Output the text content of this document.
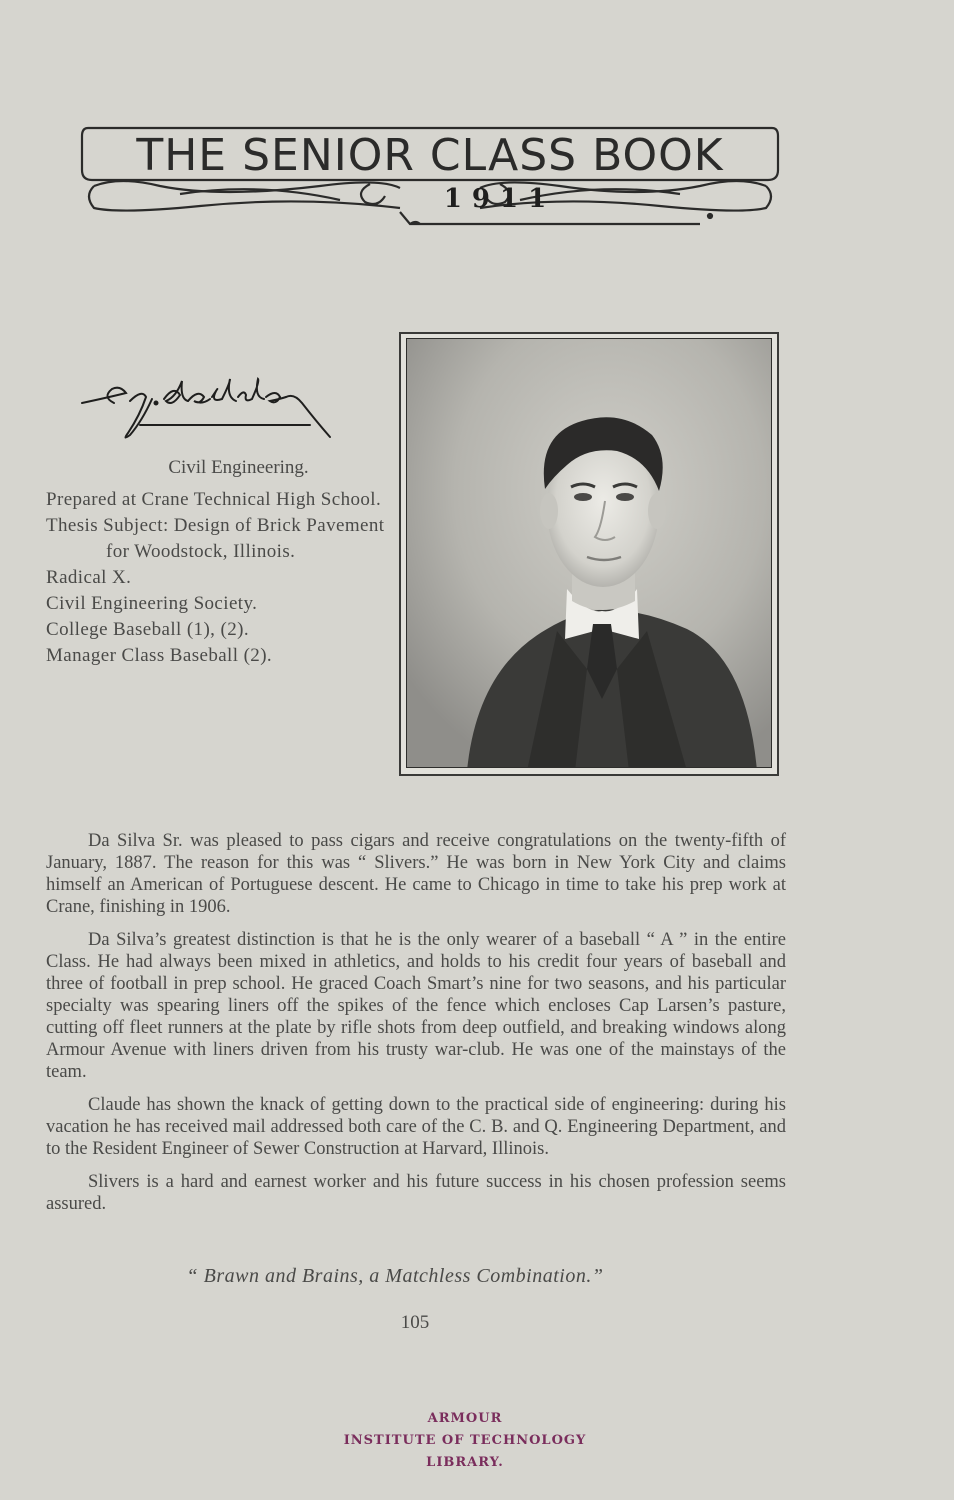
THE SENIOR CLASS BOOK
1911
Civil Engineering.
Prepared at Crane Technical High School.
Thesis Subject: Design of Brick Pavement for Woodstock, Illinois.
Radical X.
Civil Engineering Society.
College Baseball (1), (2).
Manager Class Baseball (2).

Da Silva Sr. was pleased to pass cigars and receive congratulations on the twenty-fifth of January, 1887. The reason for this was “ Slivers.” He was born in New York City and claims himself an American of Portuguese descent. He came to Chicago in time to take his prep work at Crane, finishing in 1906.

Da Silva’s greatest distinction is that he is the only wearer of a baseball “ A ” in the entire Class. He had always been mixed in athletics, and holds to his credit four years of baseball and three of football in prep school. He graced Coach Smart’s nine for two seasons, and his particular specialty was spearing liners off the spikes of the fence which encloses Cap Larsen’s pasture, cutting off fleet runners at the plate by rifle shots from deep outfield, and breaking windows along Armour Avenue with liners driven from his trusty war-club. He was one of the mainstays of the team.

Claude has shown the knack of getting down to the practical side of engineering: during his vacation he has received mail addressed both care of the C. B. and Q. Engineering Department, and to the Resident Engineer of Sewer Construction at Harvard, Illinois.

Slivers is a hard and earnest worker and his future success in his chosen profession seems assured.

“ Brawn and Brains, a Matchless Combination.”
105
ARMOUR
INSTITUTE OF TECHNOLOGY
LIBRARY.
